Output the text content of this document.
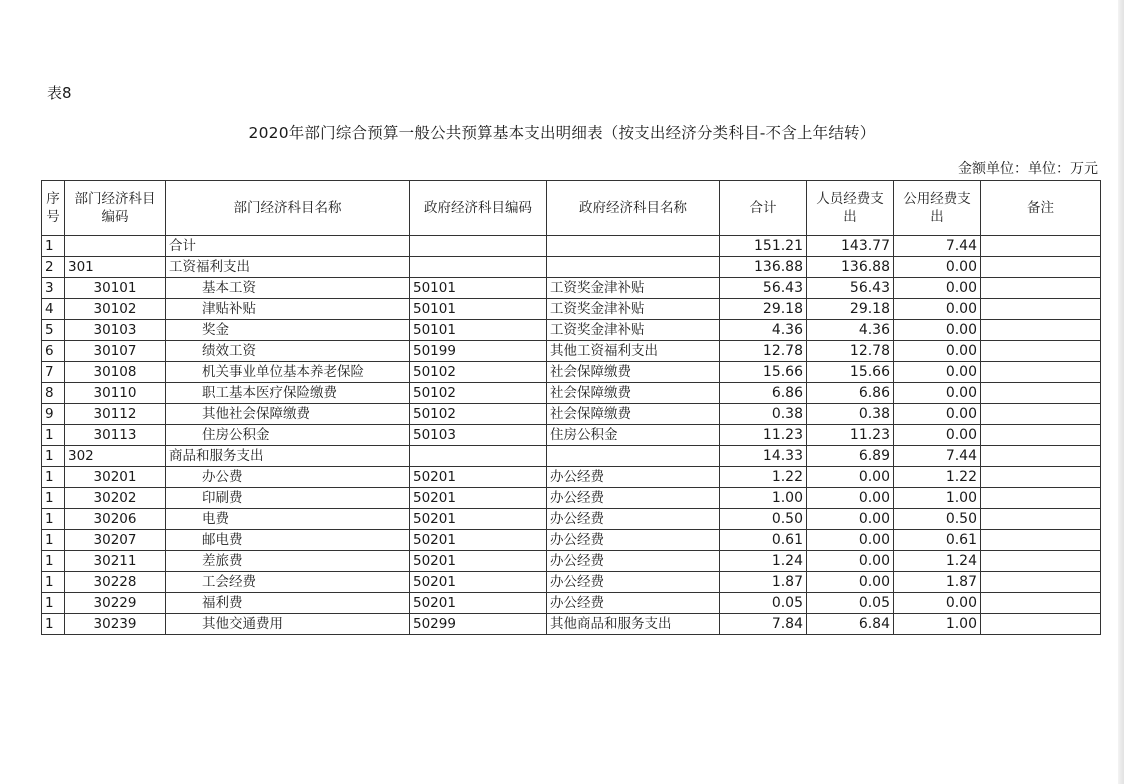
表8
2020年部门综合预算一般公共预算基本支出明细表（按支出经济分类科目-不含上年结转）
金额单位：单位：万元
序号	部门经济科目编码	部门经济科目名称	政府经济科目编码	政府经济科目名称	合计	人员经费支出	公用经费支出	备注
1		合计			151.21	143.77	7.44	
2	301	工资福利支出			136.88	136.88	0.00	
3	30101	基本工资	50101	工资奖金津补贴	56.43	56.43	0.00	
4	30102	津贴补贴	50101	工资奖金津补贴	29.18	29.18	0.00	
5	30103	奖金	50101	工资奖金津补贴	4.36	4.36	0.00	
6	30107	绩效工资	50199	其他工资福利支出	12.78	12.78	0.00	
7	30108	机关事业单位基本养老保险	50102	社会保障缴费	15.66	15.66	0.00	
8	30110	职工基本医疗保险缴费	50102	社会保障缴费	6.86	6.86	0.00	
9	30112	其他社会保障缴费	50102	社会保障缴费	0.38	0.38	0.00	
1	30113	住房公积金	50103	住房公积金	11.23	11.23	0.00	
1	302	商品和服务支出			14.33	6.89	7.44	
1	30201	办公费	50201	办公经费	1.22	0.00	1.22	
1	30202	印刷费	50201	办公经费	1.00	0.00	1.00	
1	30206	电费	50201	办公经费	0.50	0.00	0.50	
1	30207	邮电费	50201	办公经费	0.61	0.00	0.61	
1	30211	差旅费	50201	办公经费	1.24	0.00	1.24	
1	30228	工会经费	50201	办公经费	1.87	0.00	1.87	
1	30229	福利费	50201	办公经费	0.05	0.05	0.00	
1	30239	其他交通费用	50299	其他商品和服务支出	7.84	6.84	1.00	
